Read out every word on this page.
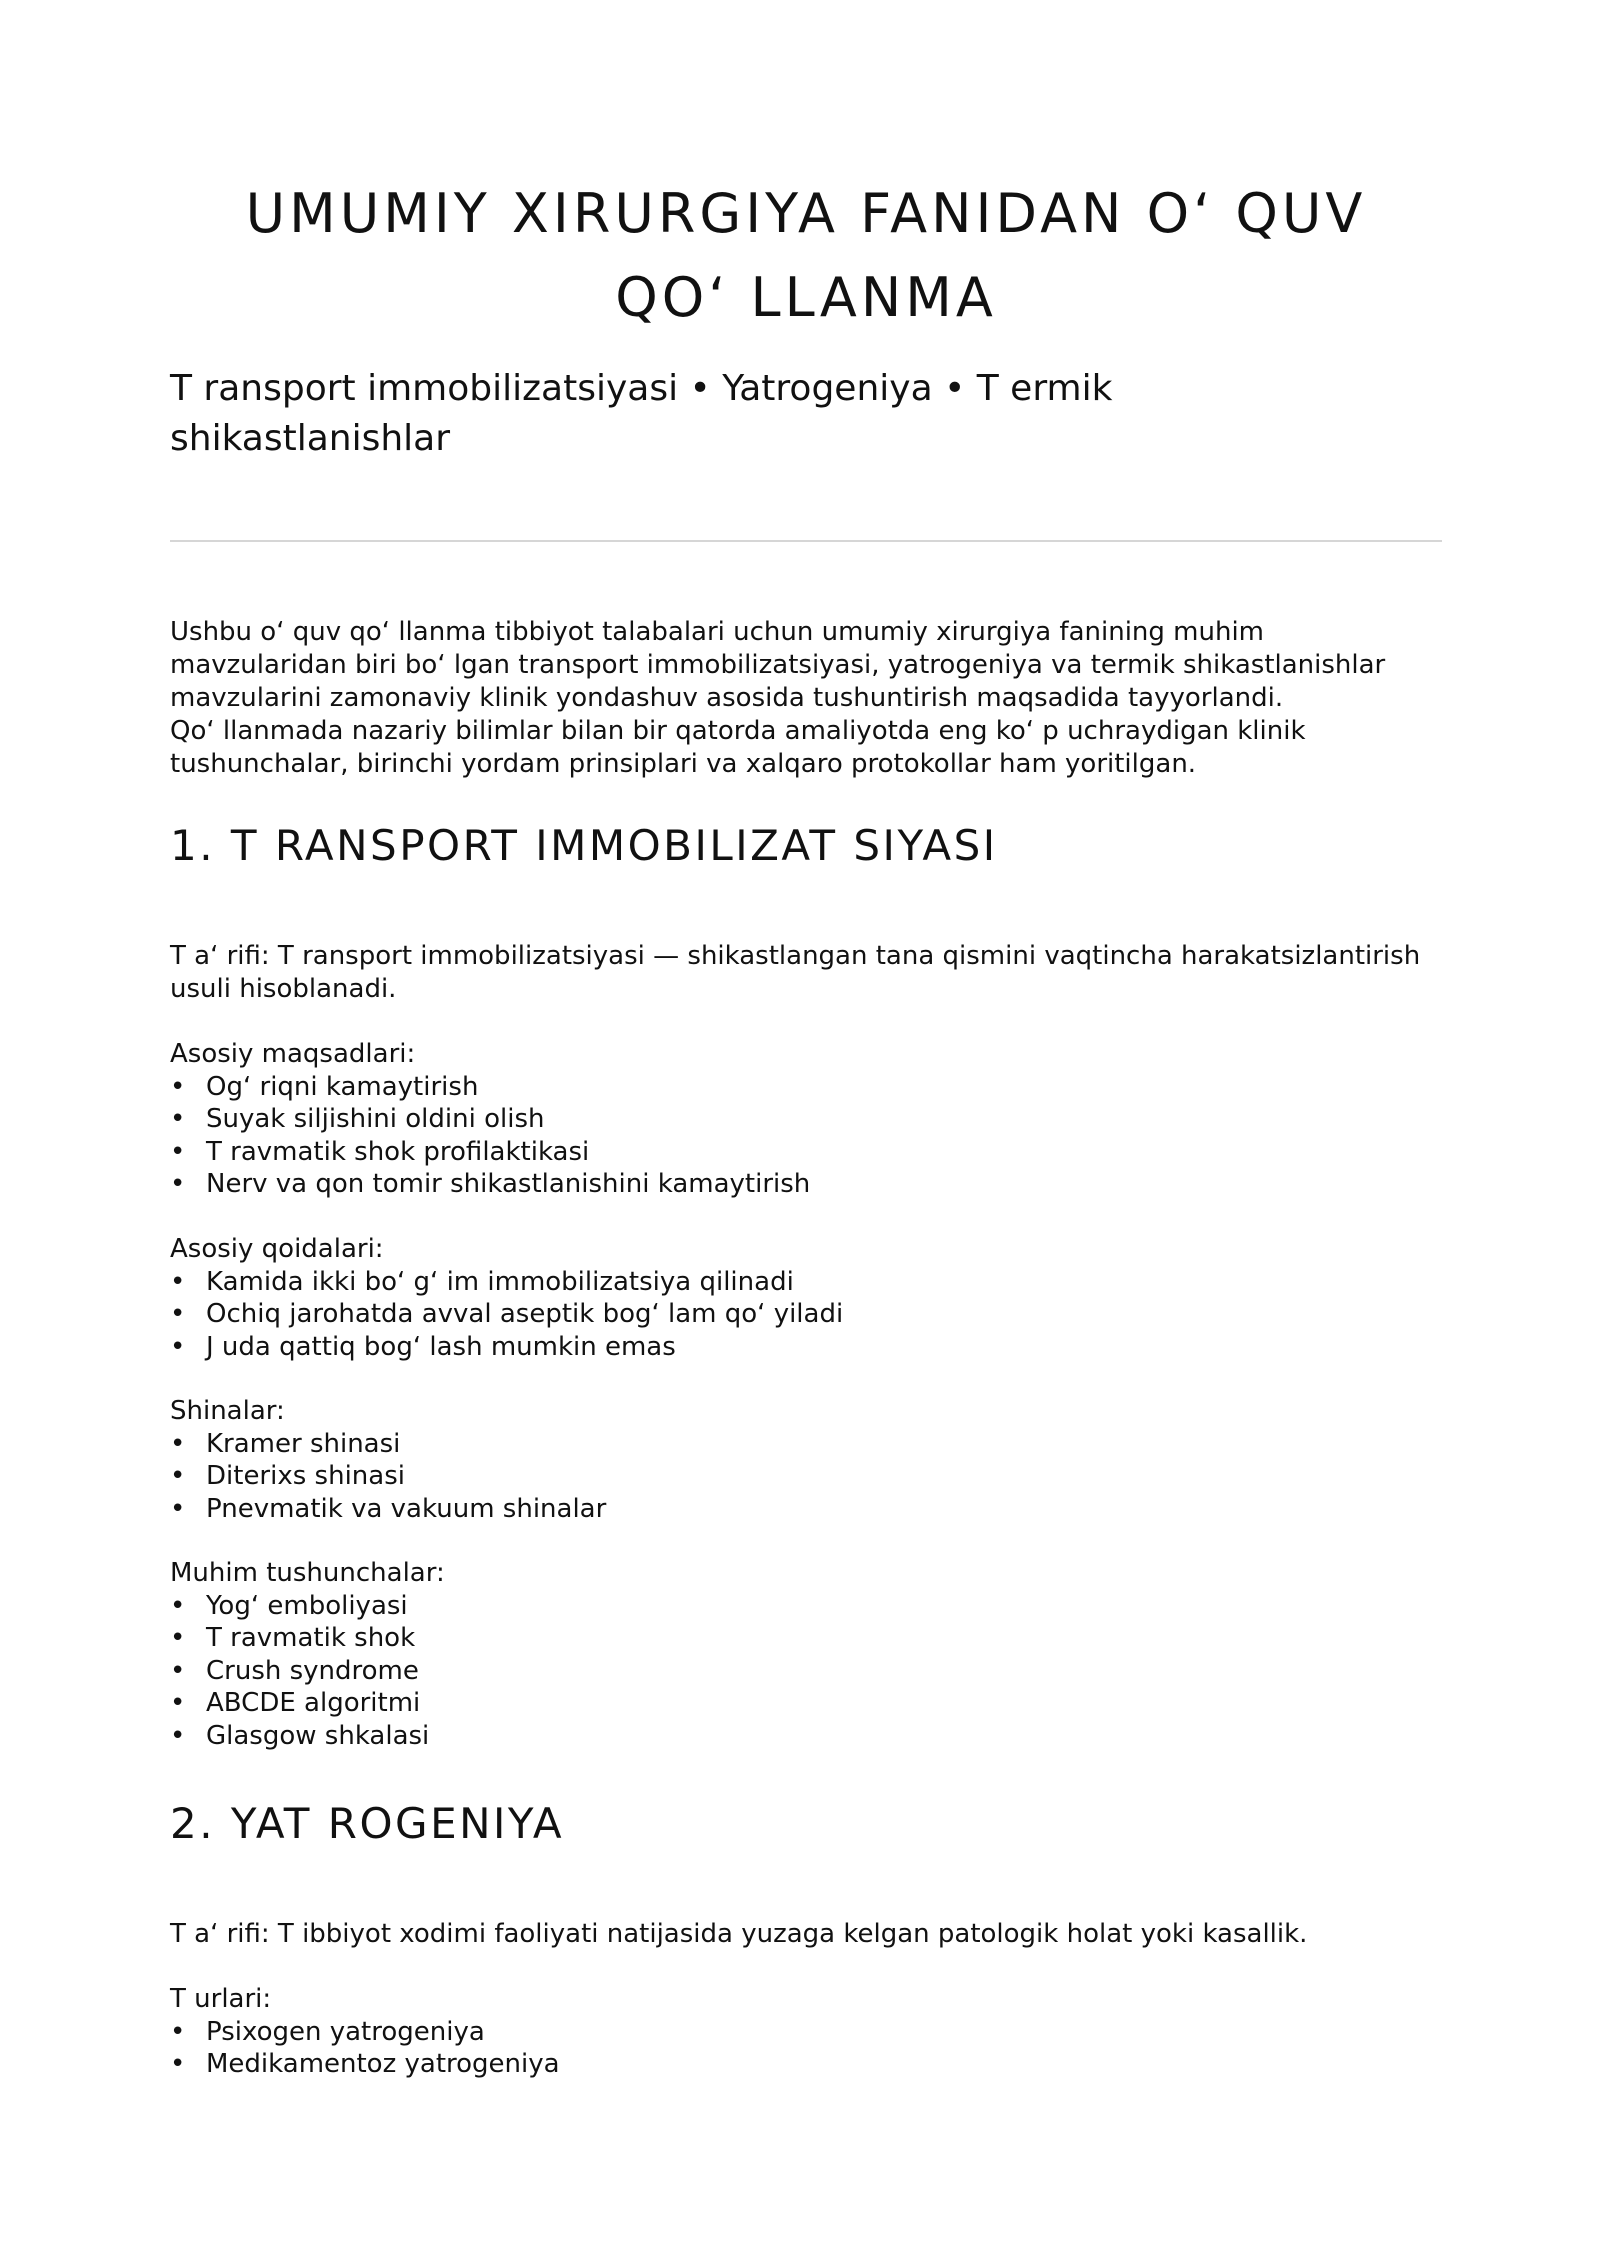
UMUMIY XIRURGIYA FANIDAN O‘ QUV
QO‘ LLANMA
T ransport immobilizatsiyasi • Yatrogeniya • T ermik
shikastlanishlar

Ushbu o‘ quv qo‘ llanma tibbiyot talabalari uchun umumiy xirurgiya fanining muhim
mavzularidan biri bo‘ lgan transport immobilizatsiyasi, yatrogeniya va termik shikastlanishlar
mavzularini zamonaviy klinik yondashuv asosida tushuntirish maqsadida tayyorlandi.
Qo‘ llanmada nazariy bilimlar bilan bir qatorda amaliyotda eng ko‘ p uchraydigan klinik
tushunchalar, birinchi yordam prinsiplari va xalqaro protokollar ham yoritilgan.

1. T RANSPORT IMMOBILIZAT SIYASI

T a‘ rifi: T ransport immobilizatsiyasi — shikastlangan tana qismini vaqtincha harakatsizlantirish
usuli hisoblanadi.

Asosiy maqsadlari:
• Og‘ riqni kamaytirish
• Suyak siljishini oldini olish
• T ravmatik shok profilaktikasi
• Nerv va qon tomir shikastlanishini kamaytirish
Asosiy qoidalari:
• Kamida ikki bo‘ g‘ im immobilizatsiya qilinadi
• Ochiq jarohatda avval aseptik bog‘ lam qo‘ yiladi
• J uda qattiq bog‘ lash mumkin emas
Shinalar:
• Kramer shinasi
• Diterixs shinasi
• Pnevmatik va vakuum shinalar
Muhim tushunchalar:
• Yog‘ emboliyasi
• T ravmatik shok
• Crush syndrome
• ABCDE algoritmi
• Glasgow shkalasi
2. YAT ROGENIYA

T a‘ rifi: T ibbiyot xodimi faoliyati natijasida yuzaga kelgan patologik holat yoki kasallik.

T urlari:
• Psixogen yatrogeniya
• Medikamentoz yatrogeniya
